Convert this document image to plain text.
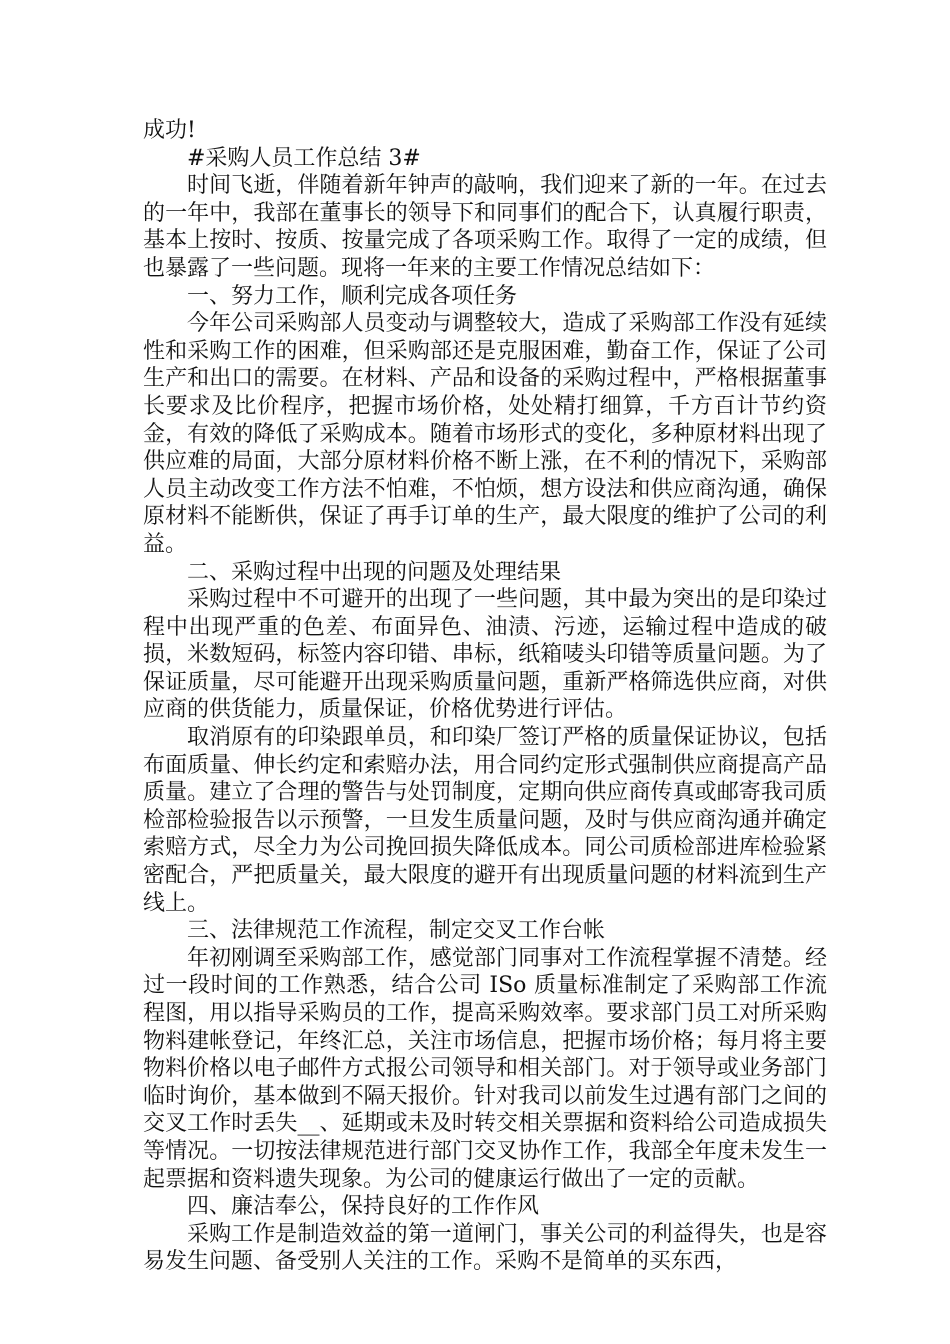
成功!

#采购人员工作总结 3#

时间飞逝，伴随着新年钟声的敲响，我们迎来了新的一年。在过去的一年中，我部在董事长的领导下和同事们的配合下，认真履行职责，基本上按时、按质、按量完成了各项采购工作。取得了一定的成绩，但也暴露了一些问题。现将一年来的主要工作情况总结如下：

一、努力工作，顺利完成各项任务

今年公司采购部人员变动与调整较大，造成了采购部工作没有延续性和采购工作的困难，但采购部还是克服困难，勤奋工作，保证了公司生产和出口的需要。在材料、产品和设备的采购过程中，严格根据董事长要求及比价程序，把握市场价格，处处精打细算，千方百计节约资金，有效的降低了采购成本。随着市场形式的变化，多种原材料出现了供应难的局面，大部分原材料价格不断上涨，在不利的情况下，采购部人员主动改变工作方法不怕难，不怕烦，想方设法和供应商沟通，确保原材料不能断供，保证了再手订单的生产，最大限度的维护了公司的利益。

二、采购过程中出现的问题及处理结果

采购过程中不可避开的出现了一些问题，其中最为突出的是印染过程中出现严重的色差、布面异色、油渍、污迹，运输过程中造成的破损，米数短码，标签内容印错、串标，纸箱唛头印错等质量问题。为了保证质量，尽可能避开出现采购质量问题，重新严格筛选供应商，对供应商的供货能力，质量保证，价格优势进行评估。

取消原有的印染跟单员，和印染厂签订严格的质量保证协议，包括布面质量、伸长约定和索赔办法，用合同约定形式强制供应商提高产品质量。建立了合理的警告与处罚制度，定期向供应商传真或邮寄我司质检部检验报告以示预警，一旦发生质量问题，及时与供应商沟通并确定索赔方式，尽全力为公司挽回损失降低成本。同公司质检部进库检验紧密配合，严把质量关，最大限度的避开有出现质量问题的材料流到生产线上。

三、法律规范工作流程，制定交叉工作台帐

年初刚调至采购部工作，感觉部门同事对工作流程掌握不清楚。经过一段时间的工作熟悉，结合公司 ISo 质量标准制定了采购部工作流程图，用以指导采购员的工作，提高采购效率。要求部门员工对所采购物料建帐登记，年终汇总，关注市场信息，把握市场价格；每月将主要物料价格以电子邮件方式报公司领导和相关部门。对于领导或业务部门临时询价，基本做到不隔天报价。针对我司以前发生过遇有部门之间的交叉工作时丢失__、延期或未及时转交相关票据和资料给公司造成损失等情况。一切按法律规范进行部门交叉协作工作，我部全年度未发生一起票据和资料遗失现象。为公司的健康运行做出了一定的贡献。

四、廉洁奉公，保持良好的工作作风

采购工作是制造效益的第一道闸门，事关公司的利益得失，也是容易发生问题、备受别人关注的工作。采购不是简单的买东西，
